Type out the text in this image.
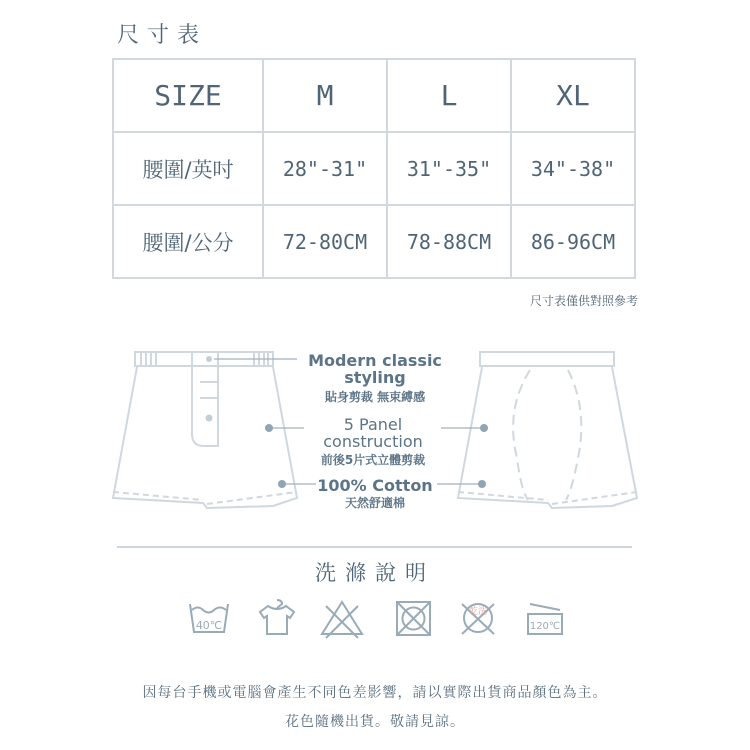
尺寸表
SIZE	M	L	XL
腰圍/英吋	28"-31"	31"-35"	34"-38"
腰圍/公分	72-80CM	78-88CM	86-96CM
尺寸表僅供對照參考
Modern classic
styling
貼身剪裁 無束縛感
5 Panel
construction
前後5片式立體剪裁
100% Cotton
天然舒適棉
洗滌說明
40℃
乾洗
120℃
因每台手機或電腦會產生不同色差影響，請以實際出貨商品顏色為主。
花色隨機出貨。敬請見諒。
